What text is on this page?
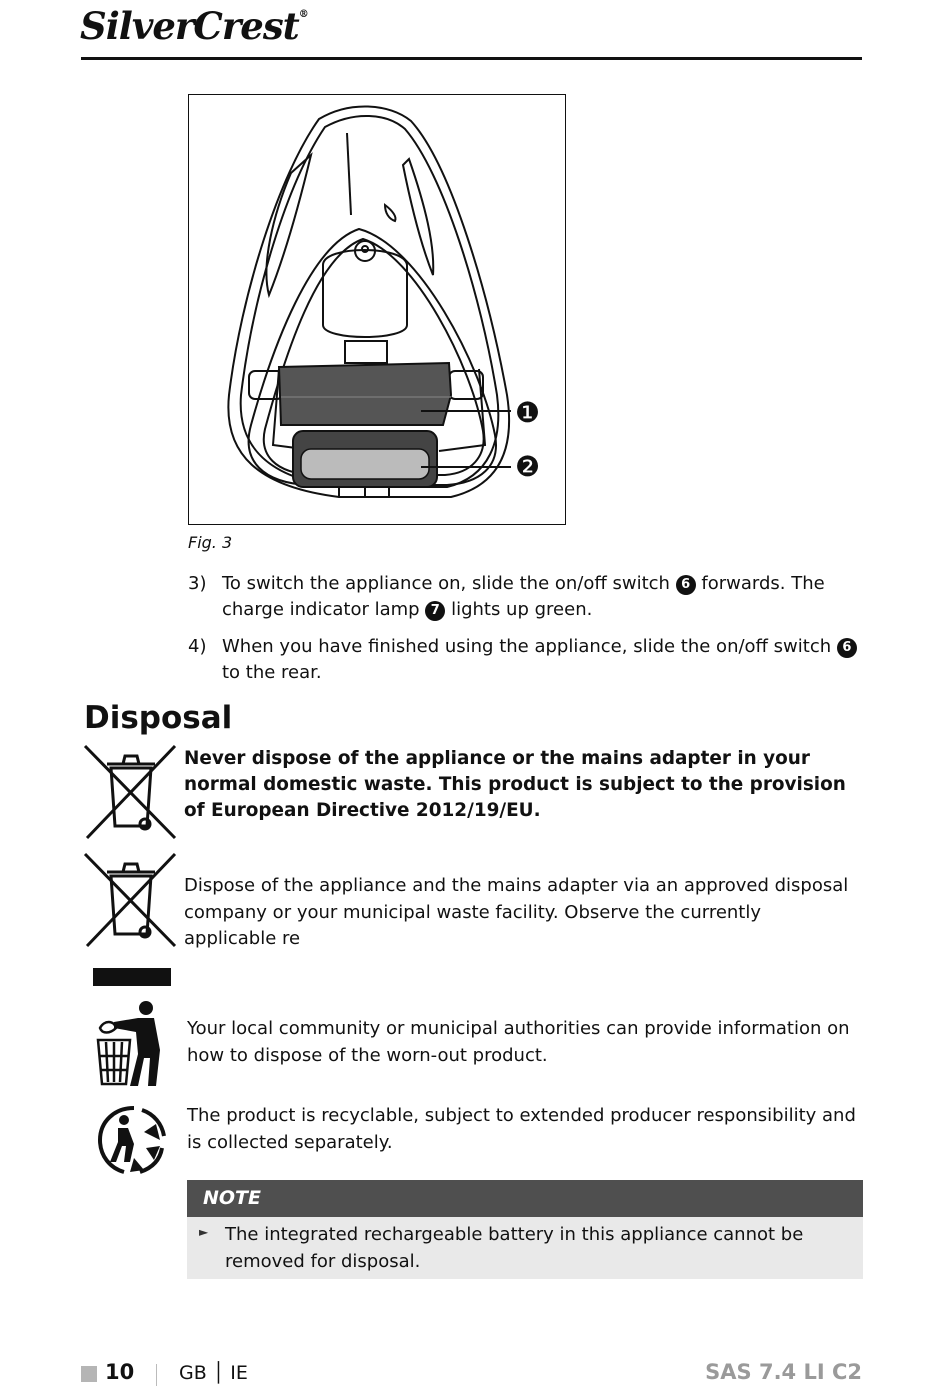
SilverCrest®
❶
❷
Fig. 3
3) To switch the appliance on, slide the on/off switch 6 forwards. The charge indicator lamp 7 lights up green.
4) When you have finished using the appliance, slide the on/off switch 6 to the rear.
Disposal
Never dispose of the appliance or the mains adapter in your normal domestic waste. This product is subject to the provision of European Directive 2012/19/EU.
Dispose of the appliance and the mains adapter via an approved disposal company or your municipal waste facility. Observe the currently applicable re
Your local community or municipal authorities can provide information on how to dispose of the worn-out product.
The product is recyclable, subject to extended producer responsibility and is collected separately.
NOTE
► The integrated rechargeable battery in this appliance cannot be removed for disposal.
10 GB │ IE	SAS 7.4 LI C2
